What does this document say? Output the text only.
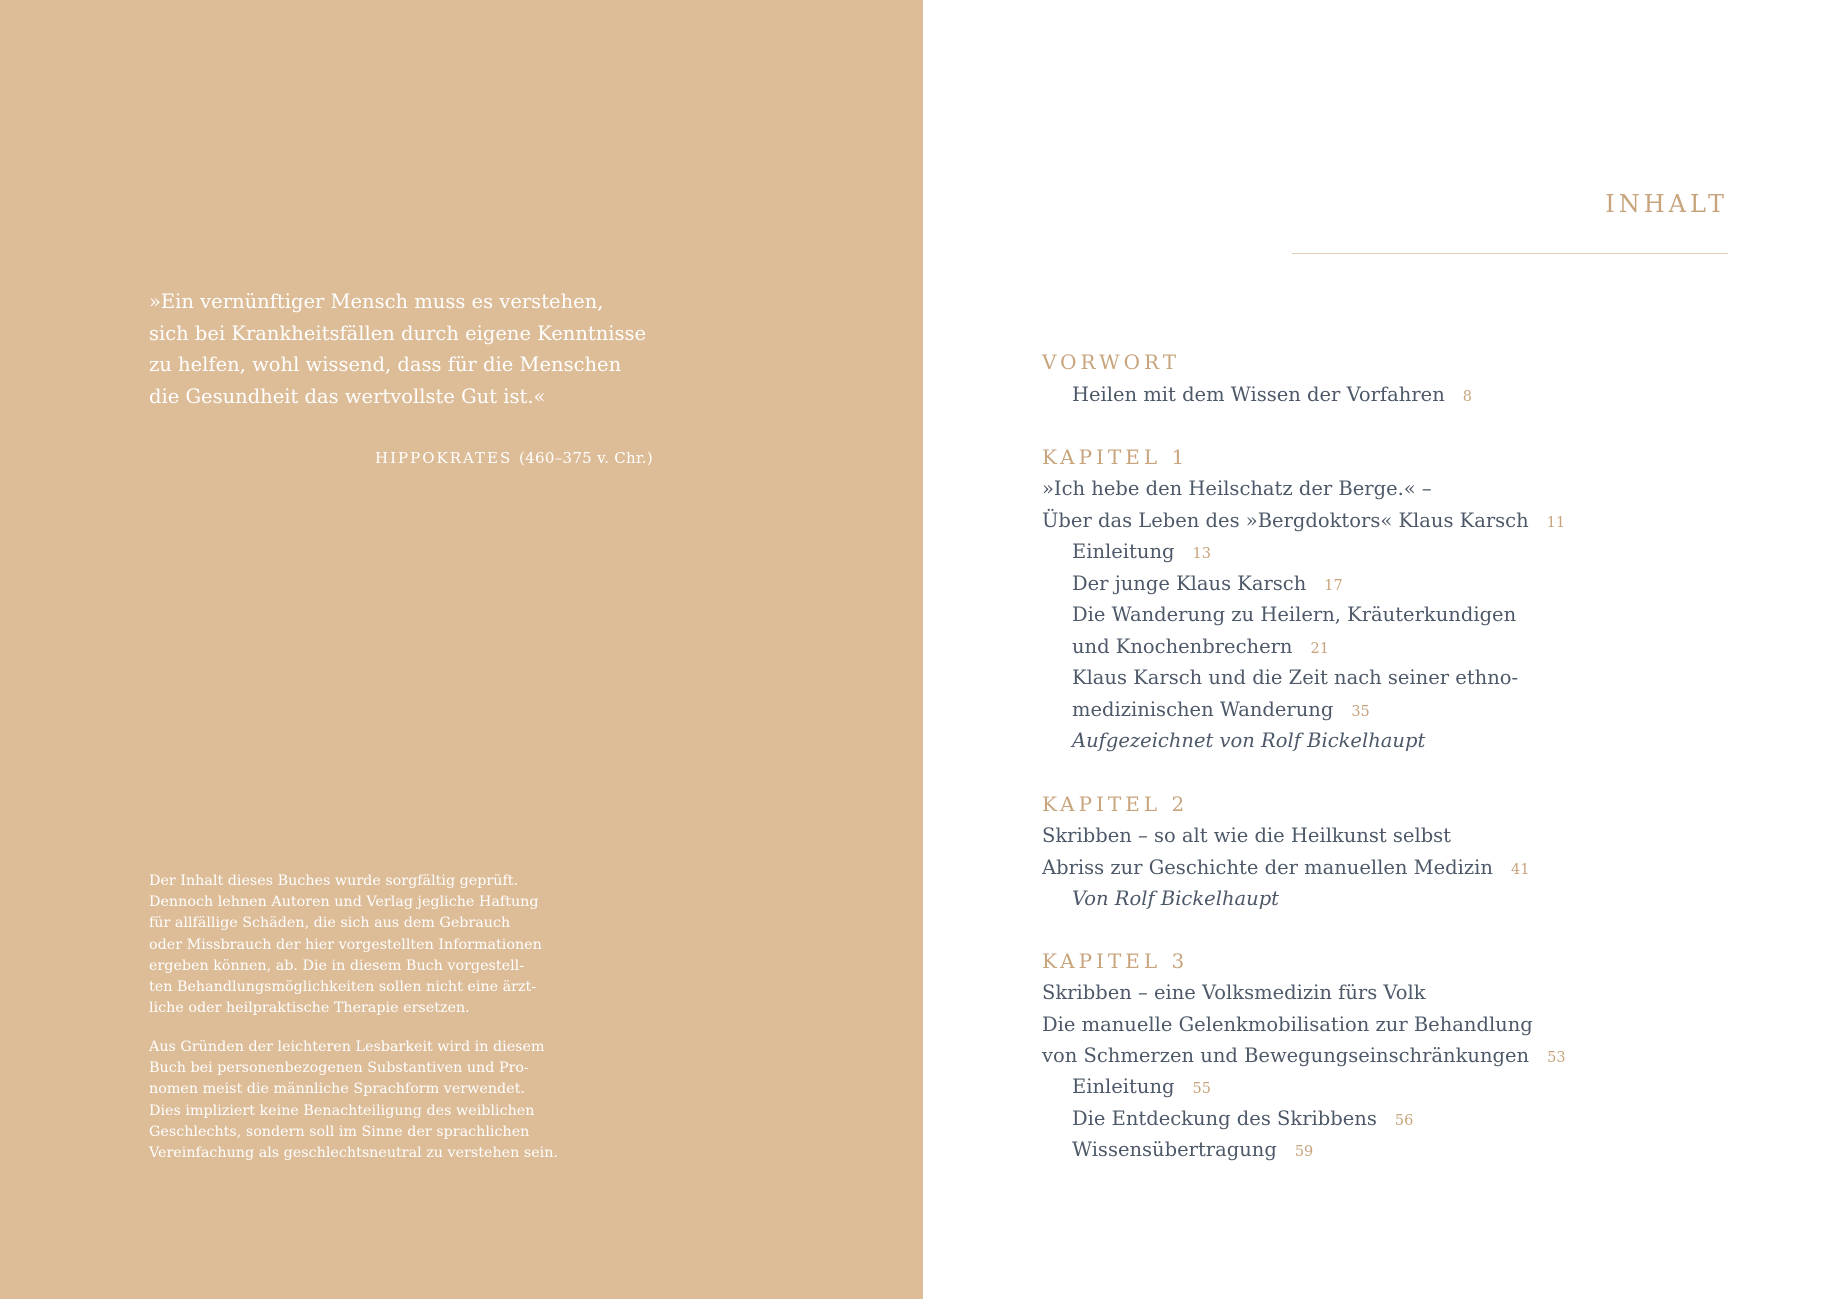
»Ein vernünftiger Mensch muss es verstehen,
sich bei Krankheitsfällen durch eigene Kenntnisse
zu helfen, wohl wissend, dass für die Menschen
die Gesundheit das wertvollste Gut ist.«
HIPPOKRATES (460–375 v. Chr.)
Der Inhalt dieses Buches wurde sorgfältig geprüft.
Dennoch lehnen Autoren und Verlag jegliche Haftung
für allfällige Schäden, die sich aus dem Gebrauch
oder Missbrauch der hier vorgestellten Informationen
ergeben können, ab. Die in diesem Buch vorgestell-
ten Behandlungsmöglichkeiten sollen nicht eine ärzt-
liche oder heilpraktische Therapie ersetzen.
Aus Gründen der leichteren Lesbarkeit wird in diesem
Buch bei personenbezogenen Substantiven und Pro-
nomen meist die männliche Sprachform verwendet.
Dies impliziert keine Benachteiligung des weiblichen
Geschlechts, sondern soll im Sinne der sprachlichen
Vereinfachung als geschlechtsneutral zu verstehen sein.
INHALT
VORWORT
Heilen mit dem Wissen der Vorfahren 8
KAPITEL 1
»Ich hebe den Heilschatz der Berge.« –
Über das Leben des »Bergdoktors« Klaus Karsch 11
Einleitung 13
Der junge Klaus Karsch 17
Die Wanderung zu Heilern, Kräuterkundigen
und Knochenbrechern 21
Klaus Karsch und die Zeit nach seiner ethno-
medizinischen Wanderung 35
Aufgezeichnet von Rolf Bickelhaupt
KAPITEL 2
Skribben – so alt wie die Heilkunst selbst
Abriss zur Geschichte der manuellen Medizin 41
Von Rolf Bickelhaupt
KAPITEL 3
Skribben – eine Volksmedizin fürs Volk
Die manuelle Gelenkmobilisation zur Behandlung
von Schmerzen und Bewegungseinschränkungen 53
Einleitung 55
Die Entdeckung des Skribbens 56
Wissensübertragung 59
